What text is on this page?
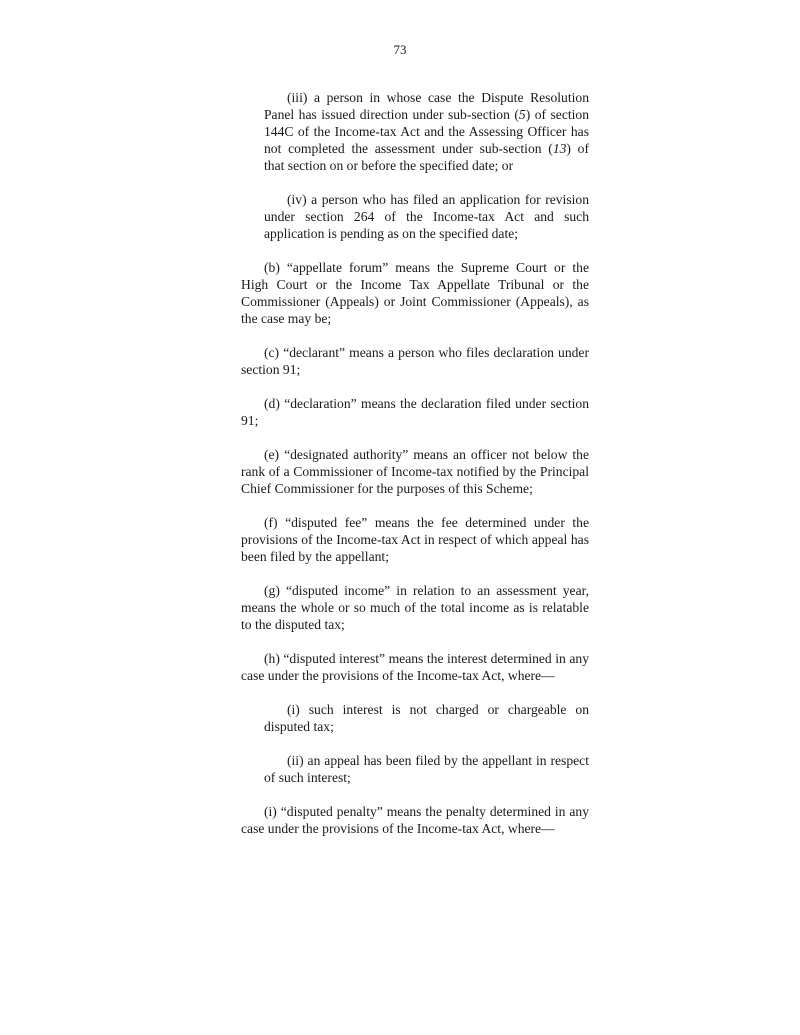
73

(iii) a person in whose case the Dispute Resolution Panel has issued direction under sub-section (5) of section 144C of the Income-tax Act and the Assessing Officer has not completed the assessment under sub-section (13) of that section on or before the specified date; or

(iv) a person who has filed an application for revision under section 264 of the Income-tax Act and such application is pending as on the specified date;

(b) “appellate forum” means the Supreme Court or the High Court or the Income Tax Appellate Tribunal or the Commissioner (Appeals) or Joint Commissioner (Appeals), as the case may be;

(c) “declarant” means a person who files declaration under section 91;

(d) “declaration” means the declaration filed under section 91;

(e) “designated authority” means an officer not below the rank of a Commissioner of Income-tax notified by the Principal Chief Commissioner for the purposes of this Scheme;

(f) “disputed fee” means the fee determined under the provisions of the Income-tax Act in respect of which appeal has been filed by the appellant;

(g) “disputed income” in relation to an assessment year, means the whole or so much of the total income as is relatable to the disputed tax;

(h) “disputed interest” means the interest determined in any case under the provisions of the Income-tax Act, where—

(i) such interest is not charged or chargeable on disputed tax;

(ii) an appeal has been filed by the appellant in respect of such interest;

(i) “disputed penalty” means the penalty determined in any case under the provisions of the Income-tax Act, where—
